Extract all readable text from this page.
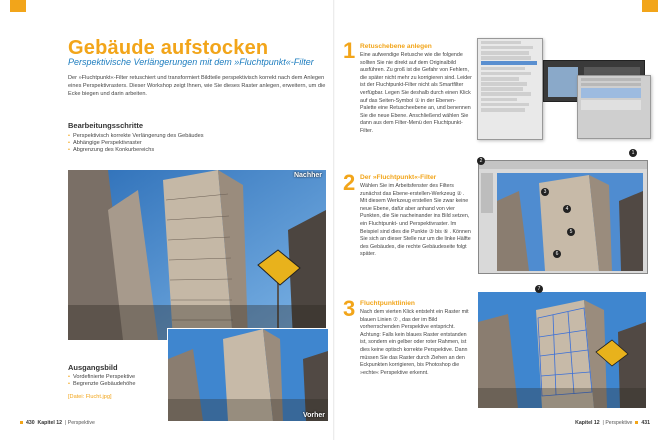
Gebäude aufstocken
Perspektivische Verlängerungen mit dem »Fluchtpunkt«-Filter
Der »Fluchtpunkt«-Filter retuschiert und transformiert Bildteile perspektivisch korrekt nach dem Anlegen eines Perspektivrasters. Dieser Workshop zeigt Ihnen, wie Sie dieses Raster anlegen, erweitern, um die Ecke biegen und darin arbeiten.
Bearbeitungsschritte
• Perspektivisch korrekte Verlängerung des Gebäudes
• Abhängige Perspektivraster
• Abgrenzung des Konkurbereichs
Nachher
Vorher
Ausgangsbild
• Vordefinierte Perspektive
• Begrenzte Gebäudehöhe
[Datei: Flucht.jpg]
430 Kapitel 12  | Perspektive
1 Retuschebene anlegen
Eine aufwendige Retusche wie die folgende sollten Sie nie direkt auf dem Originalbild ausführen. Zu groß ist die Gefahr von Fehlern, die später nicht mehr zu korrigieren sind. Leider ist der Fluchtpunkt-Filter nicht als Smartfilter verfügbar. Legen Sie deshalb durch einen Klick auf das Seiten-Symbol ① in der Ebenen-Palette eine Retuscheebene an, und benennen Sie die neue Ebene. Anschließend wählen Sie dann aus dem Filter-Menü den Fluchtpunkt-Filter.
1
2 Der »Fluchtpunkt«-Filter
Wählen Sie im Arbeitsfenster des Filters zunächst das Ebene-erstellen-Werkzeug ② . Mit diesem Werkzeug erstellen Sie zwar keine neue Ebene, dafür aber anhand von vier Punkten, die Sie nacheinander ins Bild setzen, ein Fluchtpunkt- und Perspektivraster. Im Beispiel sind dies die Punkte ③ bis ⑥ . Können Sie sich an dieser Stelle nur um die linke Hälfte des Gebäudes, die rechte Gebäudeseite folgt später.
2
3
4
5
6
3 Fluchtpunktlinien
Nach dem vierten Klick entsteht ein Raster mit blauen Linien ⑦ , das der im Bild vorherrschenden Perspektive entspricht. Achtung: Falls kein blaues Raster entstanden ist, sondern ein gelber oder roter Rahmen, ist dies keine optisch korrekte Perspektive. Dann müssen Sie das Raster durch Ziehen an den Eckpunkten korrigieren, bis Photoshop die »echte« Perspektive erkennt.
7
Kapitel 12  | Perspektive 431
